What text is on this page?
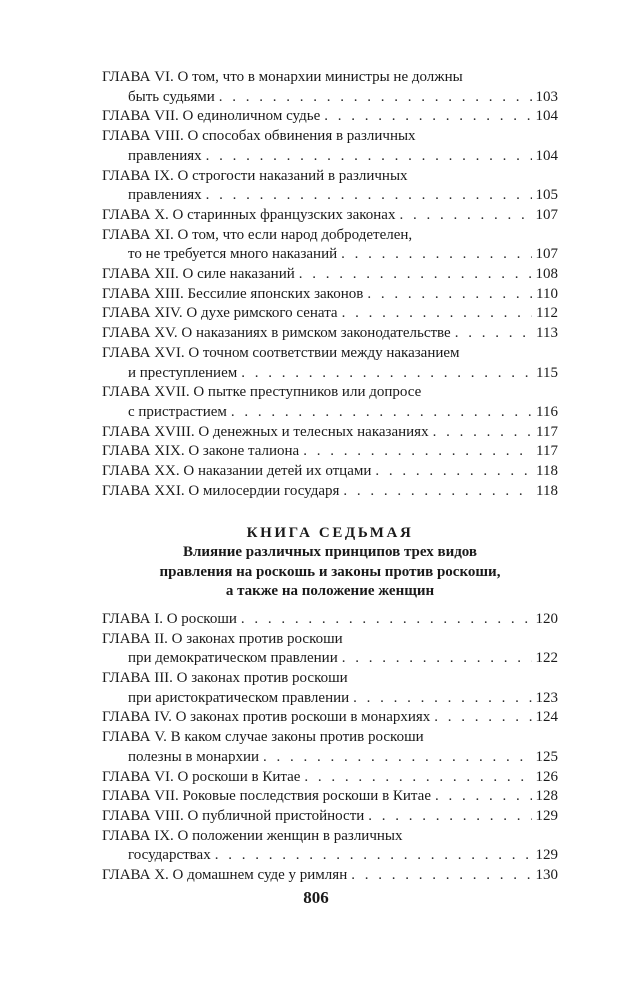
ГЛАВА VI. О том, что в монархии министры не должны
быть судьями . . .	103
ГЛАВА VII. О единоличном судье . . .	104
ГЛАВА VIII. О способах обвинения в различных
правлениях . . .	104
ГЛАВА IX. О строгости наказаний в различных
правлениях . . .	105
ГЛАВА X. О старинных французских законах . . .	107
ГЛАВА XI. О том, что если народ добродетелен,
то не требуется много наказаний . . .	107
ГЛАВА XII. О силе наказаний . . .	108
ГЛАВА XIII. Бессилие японских законов . . .	110
ГЛАВА XIV. О духе римского сената . . .	112
ГЛАВА XV. О наказаниях в римском законодательстве . . .	113
ГЛАВА XVI. О точном соответствии между наказанием
и преступлением . . .	115
ГЛАВА XVII. О пытке преступников или допросе
с пристрастием . . .	116
ГЛАВА XVIII. О денежных и телесных наказаниях . . .	117
ГЛАВА XIX. О законе талиона . . .	117
ГЛАВА XX. О наказании детей их отцами . . .	118
ГЛАВА XXI. О милосердии государя . . .	118
КНИГА СЕДЬМАЯ
Влияние различных принципов трех видов
правления на роскошь и законы против роскоши,
а также на положение женщин
ГЛАВА I. О роскоши . . .	120
ГЛАВА II. О законах против роскоши
при демократическом правлении . . .	122
ГЛАВА III. О законах против роскоши
при аристократическом правлении . . .	123
ГЛАВА IV. О законах против роскоши в монархиях . . .	124
ГЛАВА V. В каком случае законы против роскоши
полезны в монархии . . .	125
ГЛАВА VI. О роскоши в Китае . . .	126
ГЛАВА VII. Роковые последствия роскоши в Китае . . .	128
ГЛАВА VIII. О публичной пристойности . . .	129
ГЛАВА IX. О положении женщин в различных
государствах . . .	129
ГЛАВА X. О домашнем суде у римлян . . .	130
806
